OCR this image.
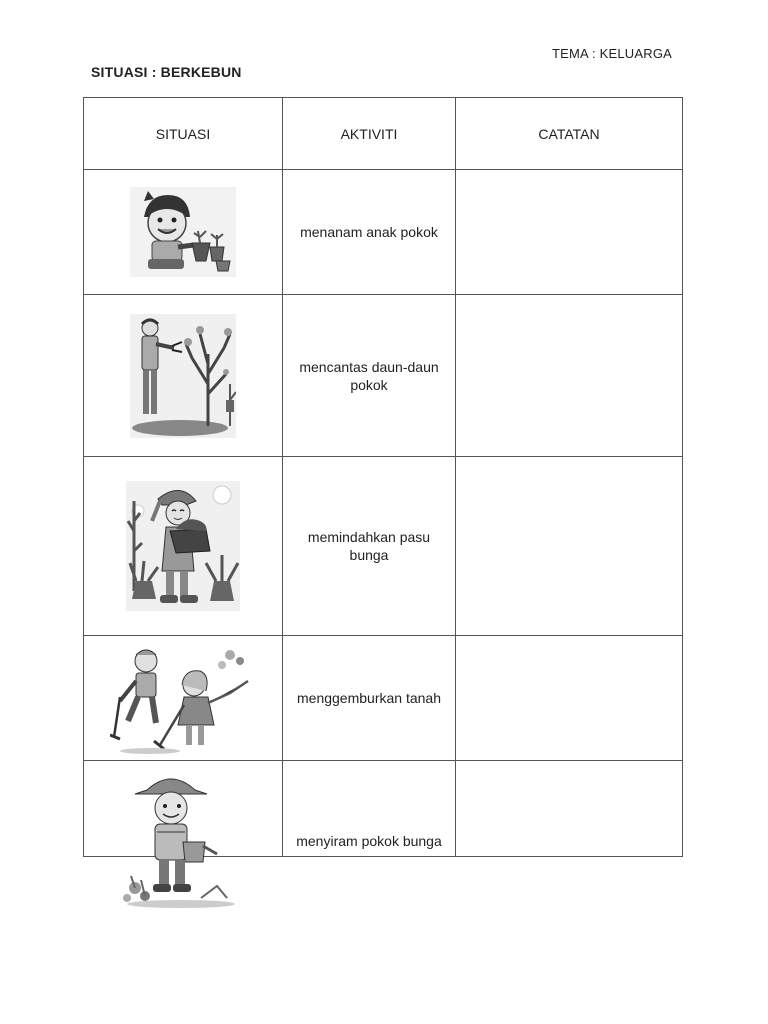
TEMA : KELUARGA
SITUASI : BERKEBUN
SITUASI	AKTIVITI	CATATAN

	menanam anak pokok	

	mencantas daun-daun pokok	

	memindahkan pasu bunga	

	menggemburkan tanah	
	menyiram pokok bunga	
